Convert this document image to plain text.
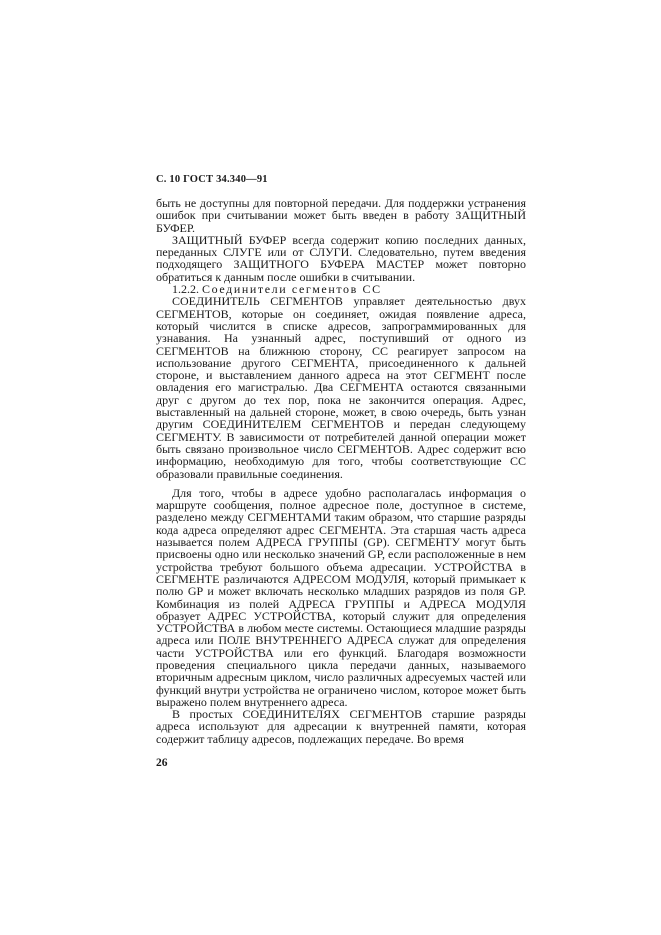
С. 10 ГОСТ 34.340—91

быть не доступны для повторной передачи. Для поддержки устранения ошибок при считывании может быть введен в работу ЗАЩИТНЫЙ БУФЕР.

ЗАЩИТНЫЙ БУФЕР всегда содержит копию последних данных, переданных СЛУГЕ или от СЛУГИ. Следовательно, путем введения подходящего ЗАЩИТНОГО БУФЕРА МАСТЕР может повторно обратиться к данным после ошибки в считывании.

1.2.2. Соединители сегментов СС

СОЕДИНИТЕЛЬ СЕГМЕНТОВ управляет деятельностью двух СЕГМЕНТОВ, которые он соединяет, ожидая появление адреса, который числится в списке адресов, запрограммированных для узнавания. На узнанный адрес, поступивший от одного из СЕГМЕНТОВ на ближнюю сторону, СС реагирует запросом на использование другого СЕГМЕНТА, присоединенного к дальней стороне, и выставлением данного адреса на этот СЕГМЕНТ после овладения его магистралью. Два СЕГМЕНТА остаются связанными друг с другом до тех пор, пока не закончится операция. Адрес, выставленный на дальней стороне, может, в свою очередь, быть узнан другим СОЕДИНИТЕЛЕМ СЕГМЕНТОВ и передан следующему СЕГМЕНТУ. В зависимости от потребителей данной операции может быть связано произвольное число СЕГМЕНТОВ. Адрес содержит всю информацию, необходимую для того, чтобы соответствующие СС образовали правильные соединения.

Для того, чтобы в адресе удобно располагалась информация о маршруте сообщения, полное адресное поле, доступное в системе, разделено между СЕГМЕНТАМИ таким образом, что старшие разряды кода адреса определяют адрес СЕГМЕНТА. Эта старшая часть адреса называется полем АДРЕСА ГРУППЫ (GP). СЕГМЕНТУ могут быть присвоены одно или несколько значений GP, если расположенные в нем устройства требуют большого объема адресации. УСТРОЙСТВА в СЕГМЕНТЕ различаются АДРЕСОМ МОДУЛЯ, который примыкает к полю GP и может включать несколько младших разрядов из поля GP. Комбинация из полей АДРЕСА ГРУППЫ и АДРЕСА МОДУЛЯ образует АДРЕС УСТРОЙСТВА, который служит для определения УСТРОЙСТВА в любом месте системы. Остающиеся младшие разряды адреса или ПОЛЕ ВНУТРЕННЕГО АДРЕСА служат для определения части УСТРОЙСТВА или его функций. Благодаря возможности проведения специального цикла передачи данных, называемого вторичным адресным циклом, число различных адресуемых частей или функций внутри устройства не ограничено числом, которое может быть выражено полем внутреннего адреса.

В простых СОЕДИНИТЕЛЯХ СЕГМЕНТОВ старшие разряды адреса используют для адресации к внутренней памяти, которая содержит таблицу адресов, подлежащих передаче. Во время

26
